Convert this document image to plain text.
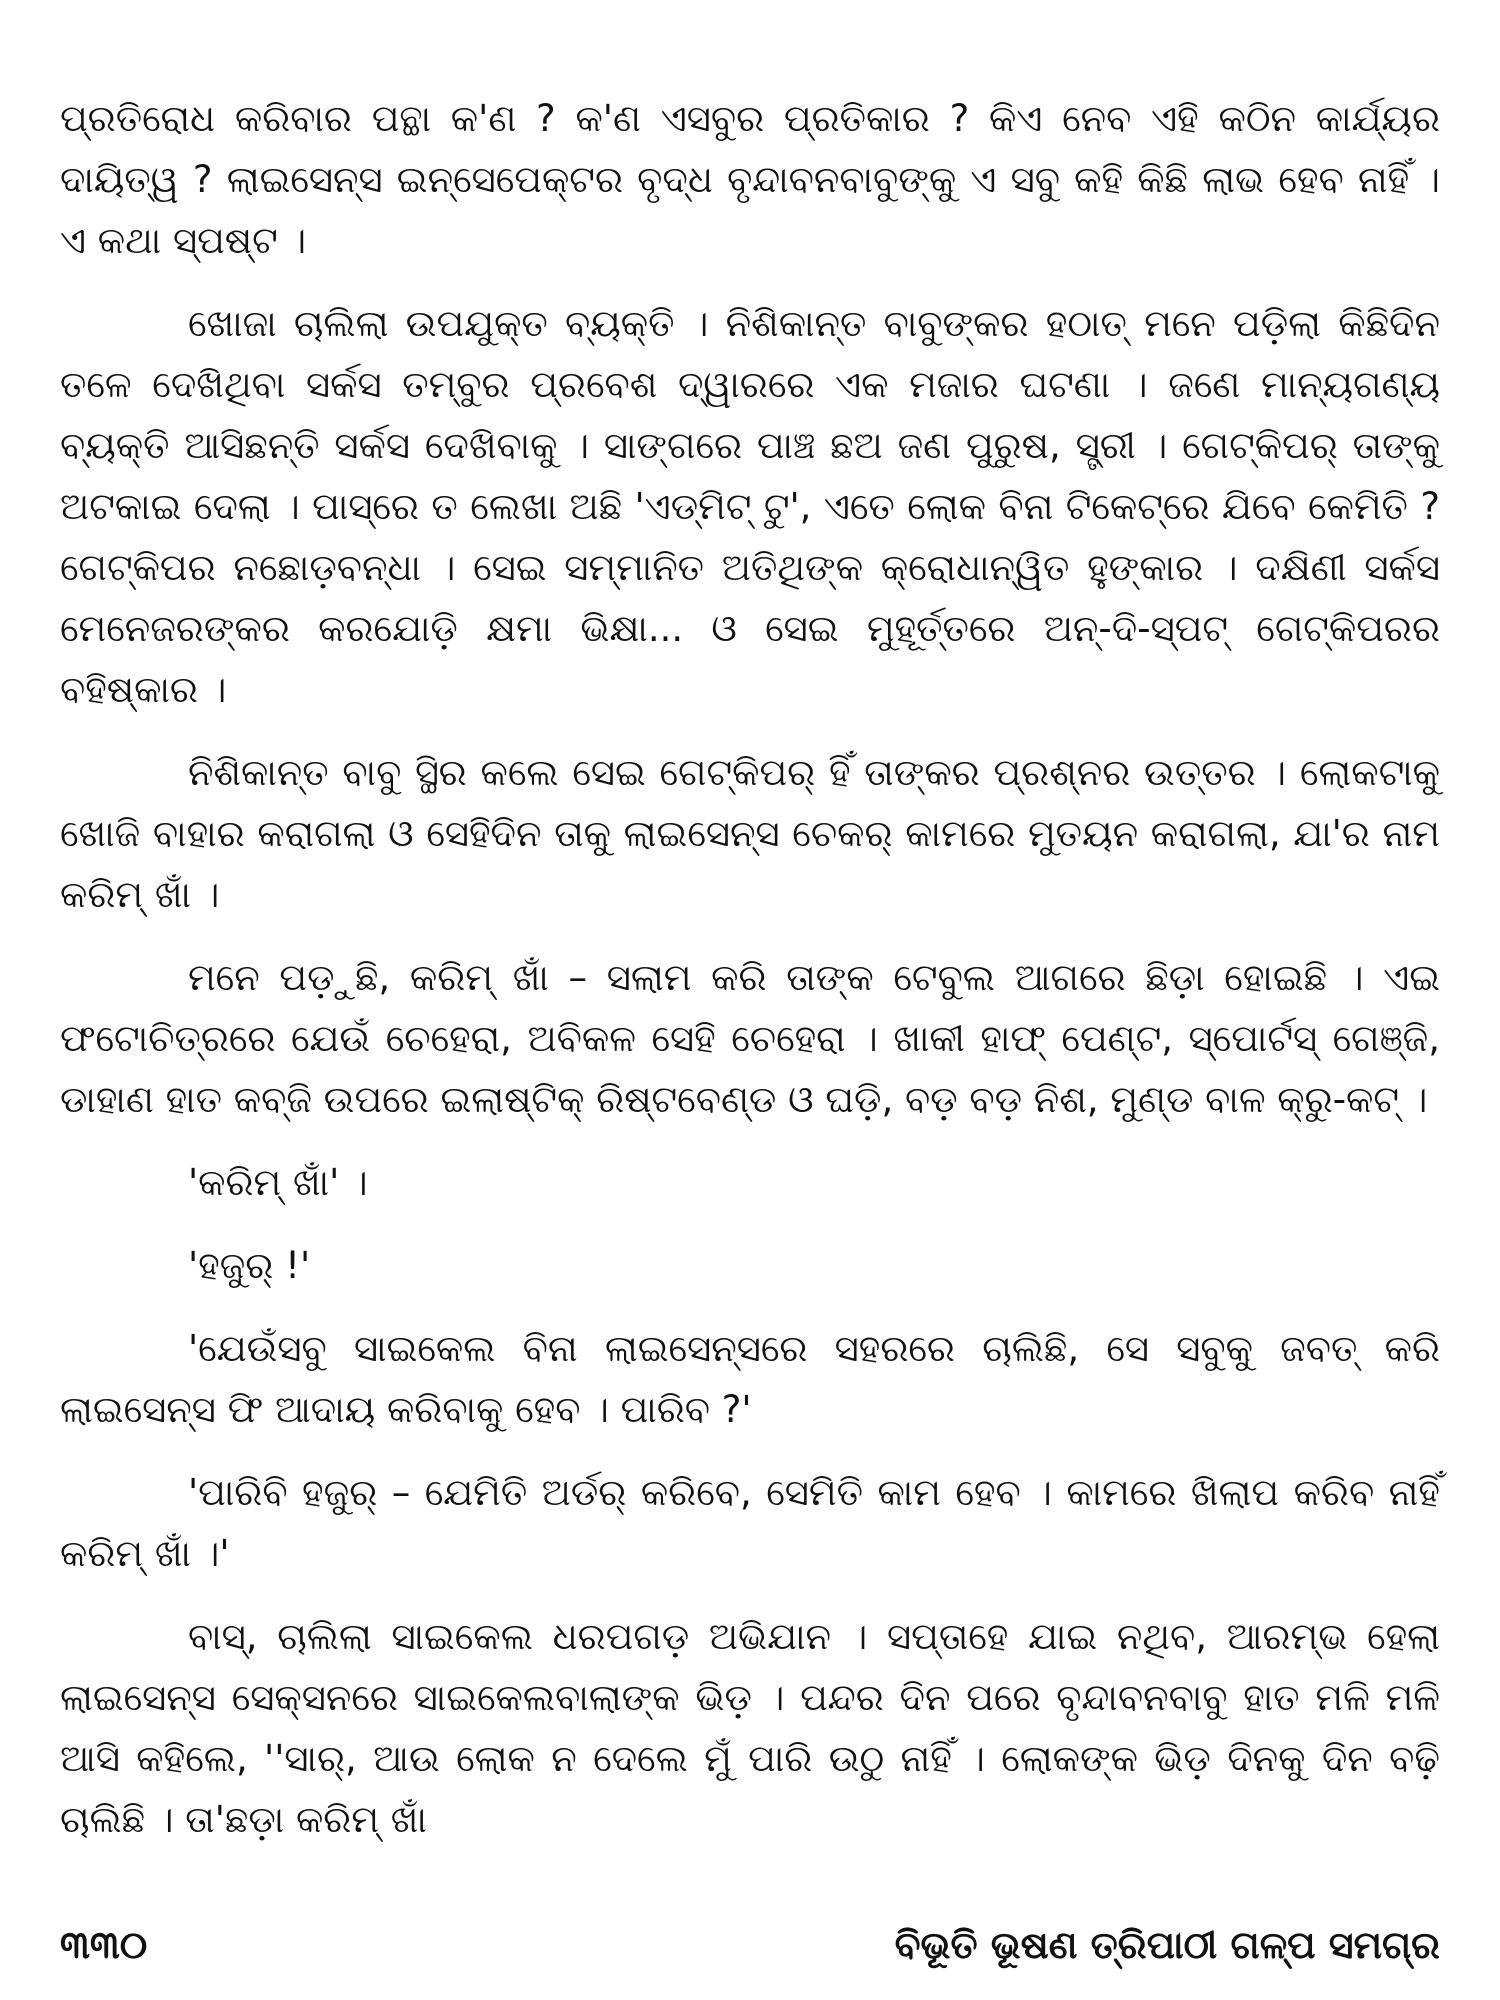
ପ୍ରତିରୋଧ କରିବାର ପନ୍ଥା କ'ଣ ? କ'ଣ ଏସବୁର ପ୍ରତିକାର ? କିଏ ନେବ ଏହି କଠିନ କାର୍ଯ୍ୟର ଦାୟିତ୍ୱ ? ଲାଇସେନ୍‌ସ ଇନ୍‌ସେପେକ୍ଟର ବୃଦ୍ଧ ବୃନ୍ଦାବନବାବୁଙ୍କୁ ଏ ସବୁ କହି କିଛି ଲାଭ ହେବ ନାହିଁ । ଏ କଥା ସ୍ପଷ୍ଟ ।

ଖୋଜା ଚାଲିଲା ଉପଯୁକ୍ତ ବ୍ୟକ୍ତି । ନିଶିକାନ୍ତ ବାବୁଙ୍କର ହଠାତ୍ ମନେ ପଡ଼ିଲା କିଛିଦିନ ତଳେ ଦେଖିଥିବା ସର୍କସ ତମ୍ବୁର ପ୍ରବେଶ ଦ୍ୱାରରେ ଏକ ମଜାର ଘଟଣା । ଜଣେ ମାନ୍ୟଗଣ୍ୟ ବ୍ୟକ୍ତି ଆସିଛନ୍ତି ସର୍କସ ଦେଖିବାକୁ । ସାଙ୍ଗରେ ପାଞ୍ଚ ଛଅ ଜଣ ପୁରୁଷ, ସ୍ତ୍ରୀ । ଗେଟ୍‌କିପର୍ ତାଙ୍କୁ ଅଟକାଇ ଦେଲା । ପାସ୍‌ରେ ତ ଲେଖା ଅଛି 'ଏଡ୍‌ମିଟ୍ ଟୁ', ଏତେ ଲୋକ ବିନା ଟିକେଟ୍‌ରେ ଯିବେ କେମିତି ? ଗେଟ୍‌କିପର ନଛୋଡ଼ବନ୍ଧା । ସେଇ ସମ୍ମାନିତ ଅତିଥିଙ୍କ କ୍ରୋଧାନ୍ୱିତ ହୁଙ୍କାର । ଦକ୍ଷିଣୀ ସର୍କସ ମେନେଜରଙ୍କର କରଯୋଡ଼ି କ୍ଷମା ଭିକ୍ଷା... ଓ ସେଇ ମୁହୂର୍ତ୍ତରେ ଅନ୍-ଦି-ସ୍ପଟ୍ ଗେଟ୍‌କିପରର ବହିଷ୍କାର ।

ନିଶିକାନ୍ତ ବାବୁ ସ୍ଥିର କଲେ ସେଇ ଗେଟ୍‌କିପର୍ ହିଁ ତାଙ୍କର ପ୍ରଶ୍ନର ଉତ୍ତର । ଲୋକଟାକୁ ଖୋଜି ବାହାର କରାଗଲା ଓ ସେହିଦିନ ତାକୁ ଲାଇସେନ୍‌ସ ଚେକର୍ କାମରେ ମୁତୟନ କରାଗଲା, ଯା'ର ନାମ କରିମ୍ ଖାଁ ।

ମନେ ପଡ଼ୁଛି, କରିମ୍ ଖାଁ – ସଲାମ କରି ତାଙ୍କ ଟେବୁଲ ଆଗରେ ଛିଡ଼ା ହୋଇଛି । ଏଇ ଫଟୋଚିତ୍ରରେ ଯେଉଁ ଚେହେରା, ଅବିକଳ ସେହି ଚେହେରା । ଖାକୀ ହାଫ୍ ପେଣ୍ଟ, ସ୍ପୋର୍ଟସ୍ ଗେଞ୍ଜି, ଡାହାଣ ହାତ କବ୍‌ଜି ଉପରେ ଇଲାଷ୍ଟିକ୍ ରିଷ୍ଟବେଣ୍ଡ ଓ ଘଡ଼ି, ବଡ଼ ବଡ଼ ନିଶ, ମୁଣ୍ଡ ବାଳ କ୍ରୁ-କଟ୍ ।

'କରିମ୍ ଖାଁ' ।

'ହଜୁର୍ !'

'ଯେଉଁସବୁ ସାଇକେଲ ବିନା ଲାଇସେନ୍‌ସରେ ସହରରେ ଚାଲିଛି, ସେ ସବୁକୁ ଜବତ୍ କରି ଲାଇସେନ୍‌ସ ଫି ଆଦାୟ କରିବାକୁ ହେବ । ପାରିବ ?'

'ପାରିବି ହଜୁର୍ – ଯେମିତି ଅର୍ଡର୍ କରିବେ, ସେମିତି କାମ ହେବ । କାମରେ ଖିଲାପ କରିବ ନାହିଁ କରିମ୍ ଖାଁ ।'

ବାସ୍, ଚାଲିଲା ସାଇକେଲ ଧରପଗଡ଼ ଅଭିଯାନ । ସପ୍ତାହେ ଯାଇ ନଥିବ, ଆରମ୍ଭ ହେଲା ଲାଇସେନ୍‌ସ ସେକ୍‌ସନରେ ସାଇକେଲବାଲାଙ୍କ ଭିଡ଼ । ପନ୍ଦର ଦିନ ପରେ ବୃନ୍ଦାବନବାବୁ ହାତ ମଳି ମଳି ଆସି କହିଲେ, ''ସାର୍, ଆଉ ଲୋକ ନ ଦେଲେ ମୁଁ ପାରି ଉଠୁ ନାହିଁ । ଲୋକଙ୍କ ଭିଡ଼ ଦିନକୁ ଦିନ ବଢ଼ି ଚାଲିଛି । ତା'ଛଡ଼ା କରିମ୍ ଖାଁ

୩୩୦	ବିଭୂତି ଭୂଷଣ ତ୍ରିପାଠୀ ଗଳ୍ପ ସମଗ୍ର
